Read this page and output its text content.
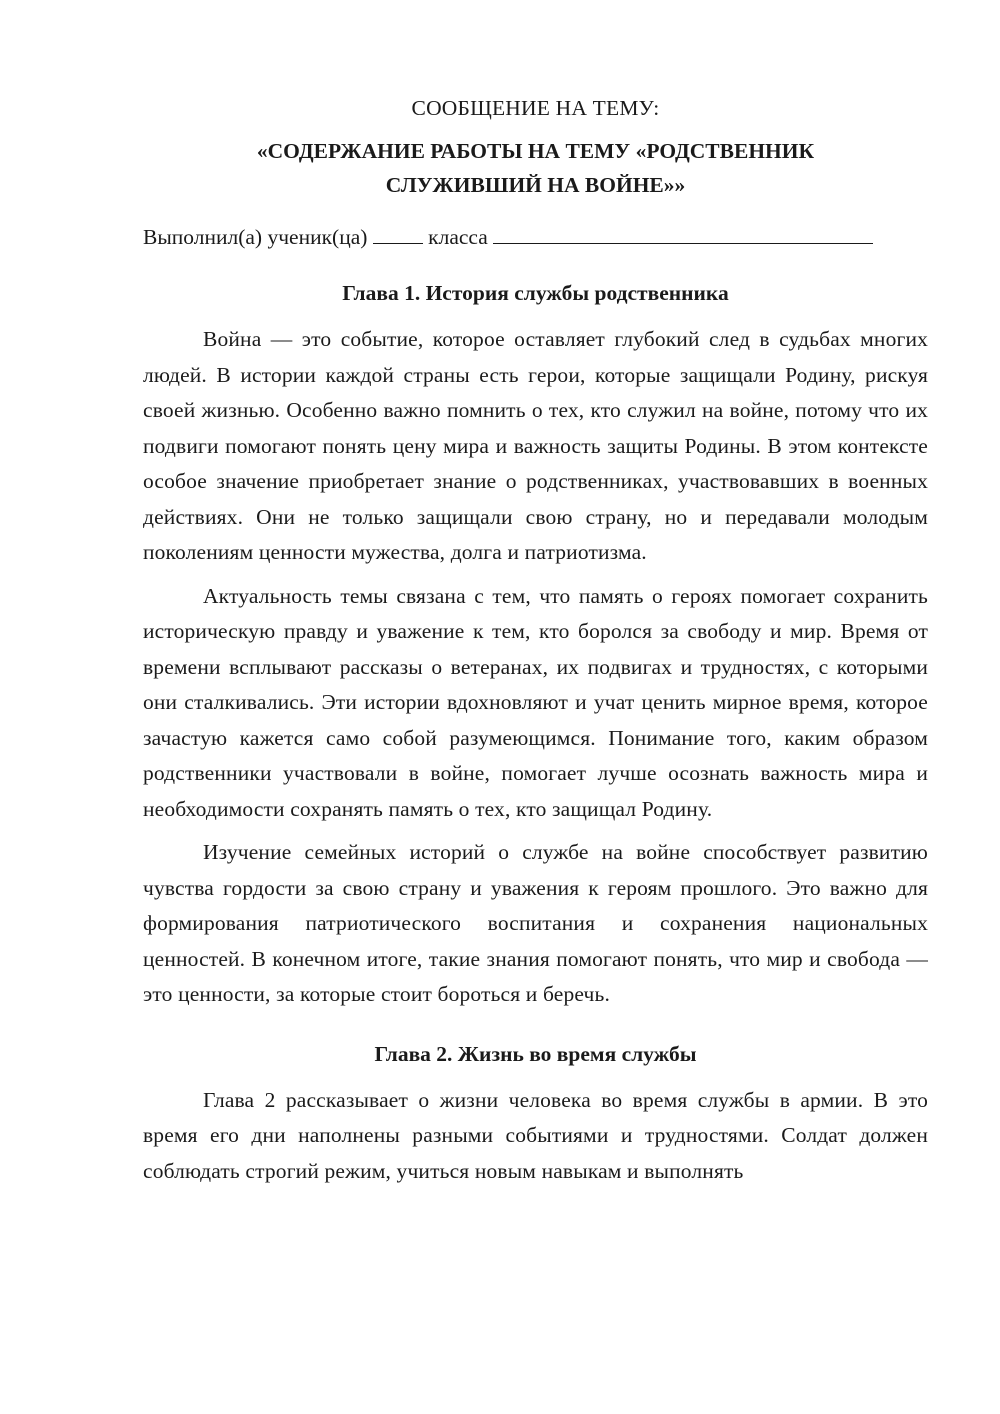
СООБЩЕНИЕ НА ТЕМУ:

«СОДЕРЖАНИЕ РАБОТЫ НА ТЕМУ «РОДСТВЕННИК СЛУЖИВШИЙ НА ВОЙНЕ»»

Выполнил(а) ученик(ца)	класса

Глава 1. История службы родственника

Война — это событие, которое оставляет глубокий след в судьбах многих людей. В истории каждой страны есть герои, которые защищали Родину, рискуя своей жизнью. Особенно важно помнить о тех, кто служил на войне, потому что их подвиги помогают понять цену мира и важность защиты Родины. В этом контексте особое значение приобретает знание о родственниках, участвовавших в военных действиях. Они не только защищали свою страну, но и передавали молодым поколениям ценности мужества, долга и патриотизма.

Актуальность темы связана с тем, что память о героях помогает сохранить историческую правду и уважение к тем, кто боролся за свободу и мир. Время от времени всплывают рассказы о ветеранах, их подвигах и трудностях, с которыми они сталкивались. Эти истории вдохновляют и учат ценить мирное время, которое зачастую кажется само собой разумеющимся. Понимание того, каким образом родственники участвовали в войне, помогает лучше осознать важность мира и необходимости сохранять память о тех, кто защищал Родину.

Изучение семейных историй о службе на войне способствует развитию чувства гордости за свою страну и уважения к героям прошлого. Это важно для формирования патриотического воспитания и сохранения национальных ценностей. В конечном итоге, такие знания помогают понять, что мир и свобода — это ценности, за которые стоит бороться и беречь.

Глава 2. Жизнь во время службы

Глава 2 рассказывает о жизни человека во время службы в армии. В это время его дни наполнены разными событиями и трудностями. Солдат должен соблюдать строгий режим, учиться новым навыкам и выполнять
